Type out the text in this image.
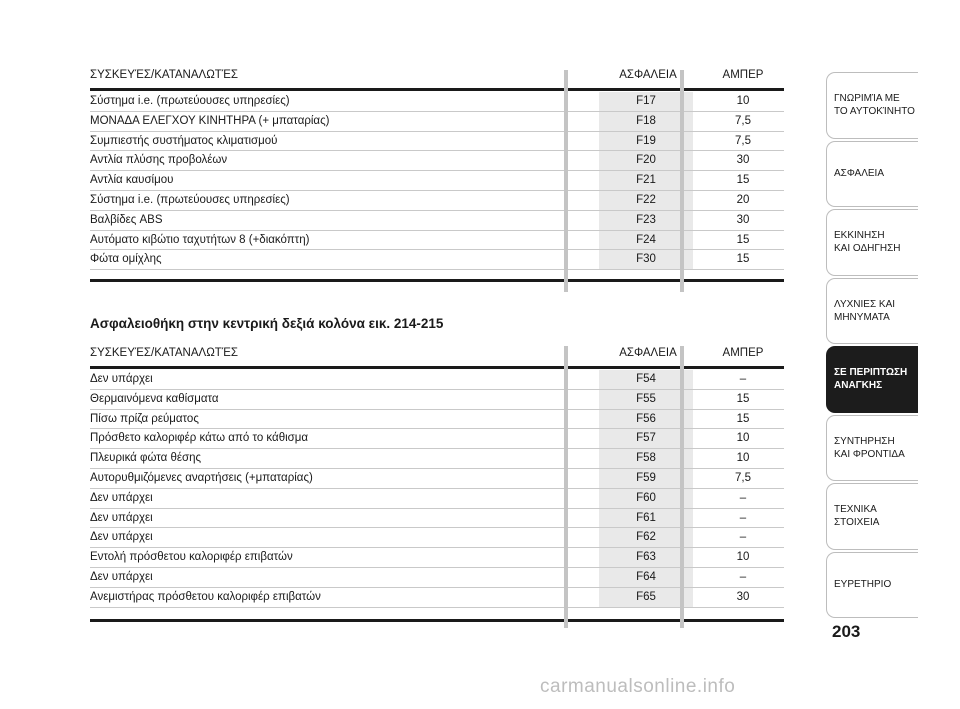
ΣΥΣΚΕΥΈΣ/ΚΑΤΑΝΑΛΩΤΈΣ	ΑΣΦΑΛΕΙΑ	ΑΜΠΕΡ
Σύστημα i.e. (πρωτεύουσες υπηρεσίες)	F17	10
ΜΟΝΑΔΑ ΕΛΕΓΧΟΥ ΚΙΝΗΤΗΡΑ (+ μπαταρίας)	F18	7,5
Συμπιεστής συστήματος κλιματισμού	F19	7,5
Αντλία πλύσης προβολέων	F20	30
Αντλία καυσίμου	F21	15
Σύστημα i.e. (πρωτεύουσες υπηρεσίες)	F22	20
Βαλβίδες ABS	F23	30
Αυτόματο κιβώτιο ταχυτήτων 8 (+διακόπτη)	F24	15
Φώτα ομίχλης	F30	15
Ασφαλειοθήκη στην κεντρική δεξιά κολόνα εικ. 214-215
ΣΥΣΚΕΥΈΣ/ΚΑΤΑΝΑΛΩΤΈΣ	ΑΣΦΑΛΕΙΑ	ΑΜΠΕΡ
Δεν υπάρχει	F54	–
Θερμαινόμενα καθίσματα	F55	15
Πίσω πρίζα ρεύματος	F56	15
Πρόσθετο καλοριφέρ κάτω από το κάθισμα	F57	10
Πλευρικά φώτα θέσης	F58	10
Αυτορυθμιζόμενες αναρτήσεις (+μπαταρίας)	F59	7,5
Δεν υπάρχει	F60	–
Δεν υπάρχει	F61	–
Δεν υπάρχει	F62	–
Εντολή πρόσθετου καλοριφέρ επιβατών	F63	10
Δεν υπάρχει	F64	–
Ανεμιστήρας πρόσθετου καλοριφέρ επιβατών	F65	30
ΓΝΩΡΙΜΊΑ ΜΕ
ΤΟ ΑΥΤΟΚΊΝΗΤΟ
ΑΣΦΑΛΕΙΑ
ΕΚΚΙΝΗΣΗ
ΚΑΙ ΟΔΗΓΗΣΗ
ΛΥΧΝΙΕΣ ΚΑΙ
ΜΗΝΥΜΑΤΑ
ΣΕ ΠΕΡΙΠΤΩΣΗ
ΑΝΑΓΚΗΣ
ΣΥΝΤΗΡΗΣΗ
ΚΑΙ ΦΡΟΝΤΙΔΑ
ΤΕΧΝΙΚΑ
ΣΤΟΙΧΕΙΑ
ΕΥΡΕΤΗΡΙΟ
203
carmanualsonline.info
